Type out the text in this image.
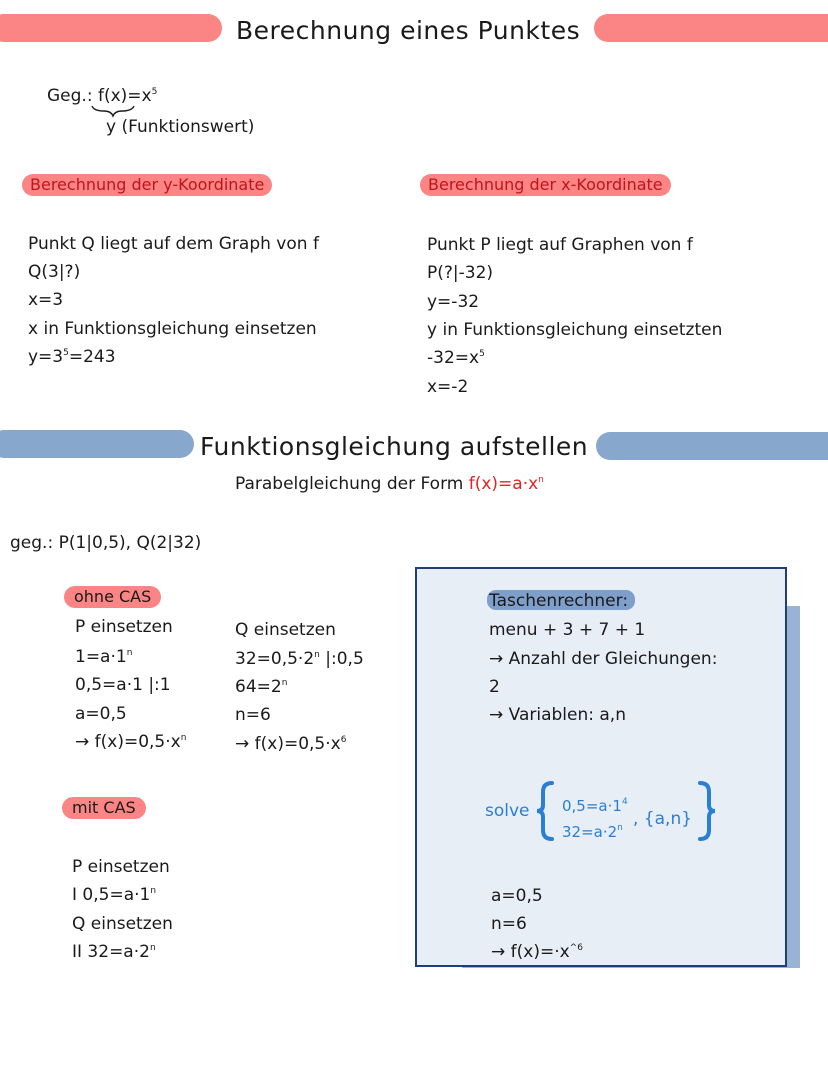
Berechnung eines Punktes
Geg.: $f(x)=x^5$
y (Funktionswert)
Berechnung der y-Koordinate
Punkt Q liegt auf dem Graph von f
Q(3|?)
x=3
x in Funktionsgleichung einsetzen
$y=3^5=243$
Berechnung der x-Koordinate
Punkt P liegt auf Graphen von f
P(?|-32)
y=-32
y in Funktionsgleichung einsetzten
$-32=x^5$
x=-2
Funktionsgleichung aufstellen
Parabelgleichung der Form $f(x)=a\cdot x^n$
geg.: P(1|0,5), Q(2|32)
ohne CAS
P einsetzen
$1=a\cdot 1^n$
0,5=a·1 |:1
a=0,5
→ $f(x)=0,5\cdot x^n$
Q einsetzen
$32=0,5\cdot 2^n$ |:0,5
$64=2^n$
n=6
→ $f(x)=0,5\cdot x^6$
mit CAS
P einsetzen
I $0,5=a\cdot 1^n$
Q einsetzen
II $32=a\cdot 2^n$
Taschenrechner:
menu + 3 + 7 + 1
→ Anzahl der Gleichungen:
2
→ Variablen: a,n
solve $0,5=a\cdot 1^4$
$32=a\cdot 2^n$ , {a,n}
a=0,5
n=6
→ $f(x)=\cdot x^{\^{}6}$
